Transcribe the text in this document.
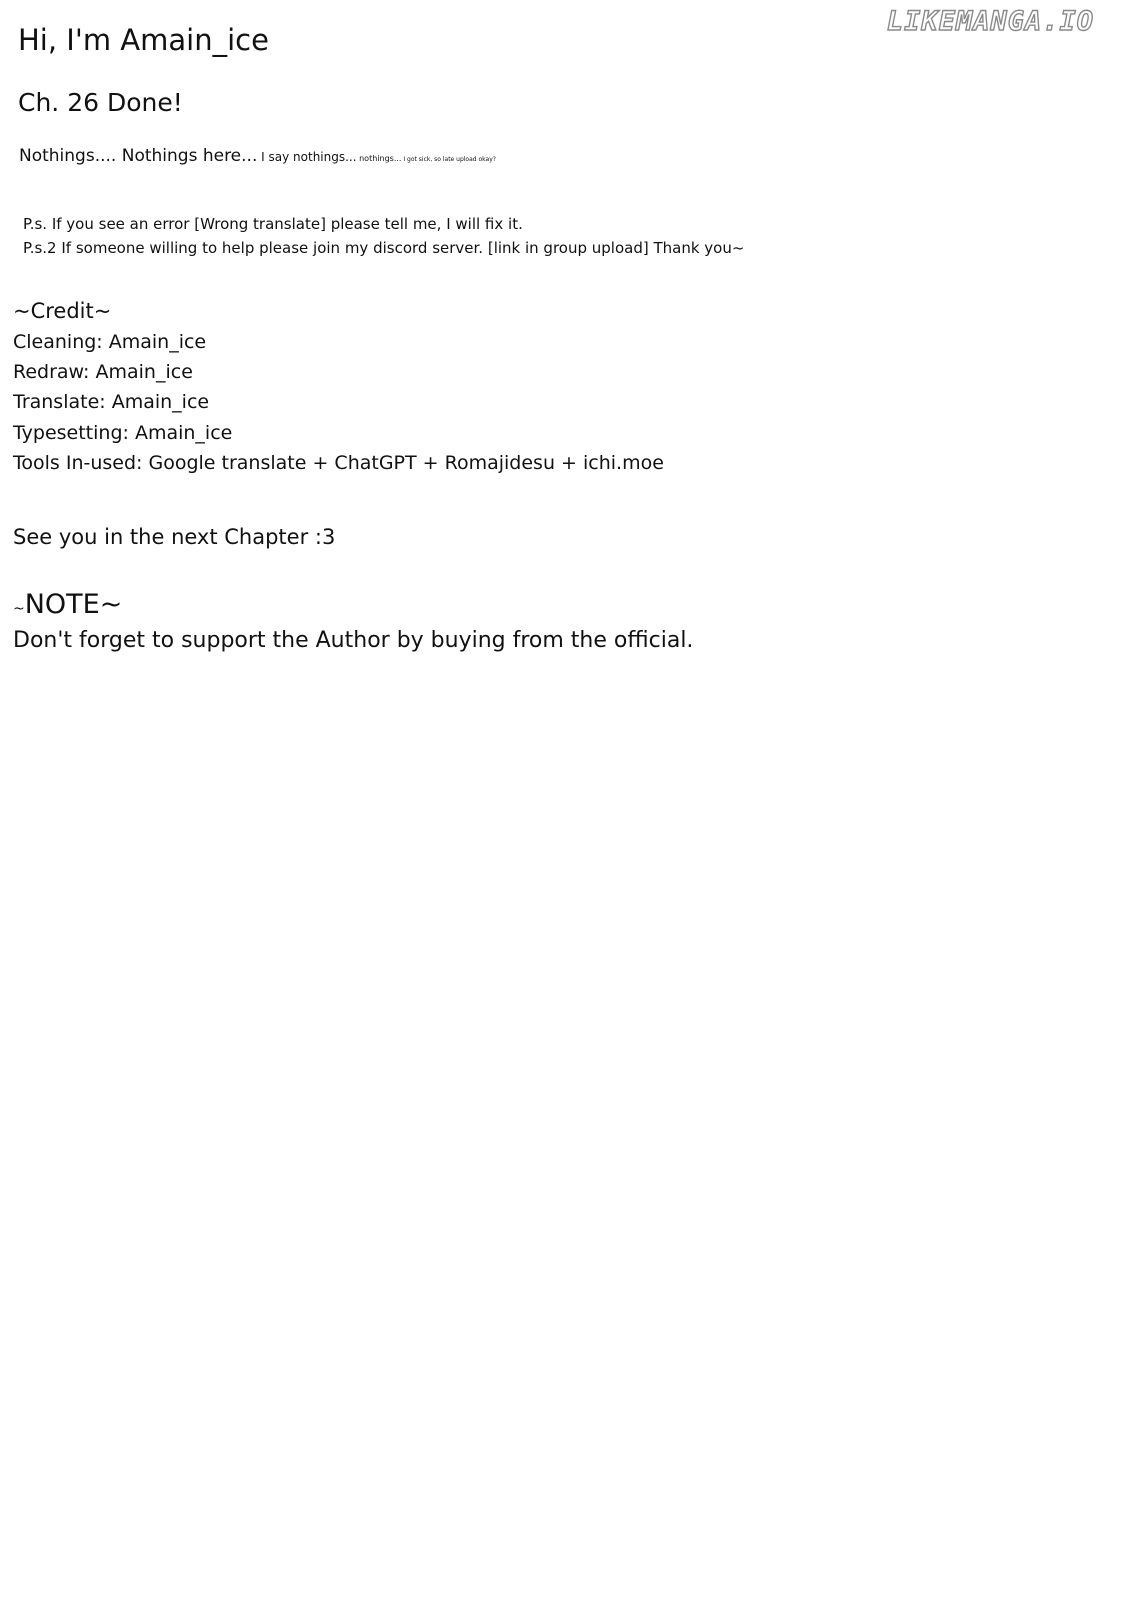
LIKEMANGA.IO
Hi, I'm Amain_ice
Ch. 26 Done!
Nothings.... Nothings here... I say nothings... nothings... I got sick, so late upload okay?
P.s. If you see an error [Wrong translate] please tell me, I will fix it.
P.s.2 If someone willing to help please join my discord server. [link in group upload] Thank you~
~Credit~
Cleaning: Amain_ice
Redraw: Amain_ice
Translate: Amain_ice
Typesetting: Amain_ice
Tools In-used: Google translate + ChatGPT + Romajidesu + ichi.moe
See you in the next Chapter :3
~NOTE~
Don't forget to support the Author by buying from the official.
